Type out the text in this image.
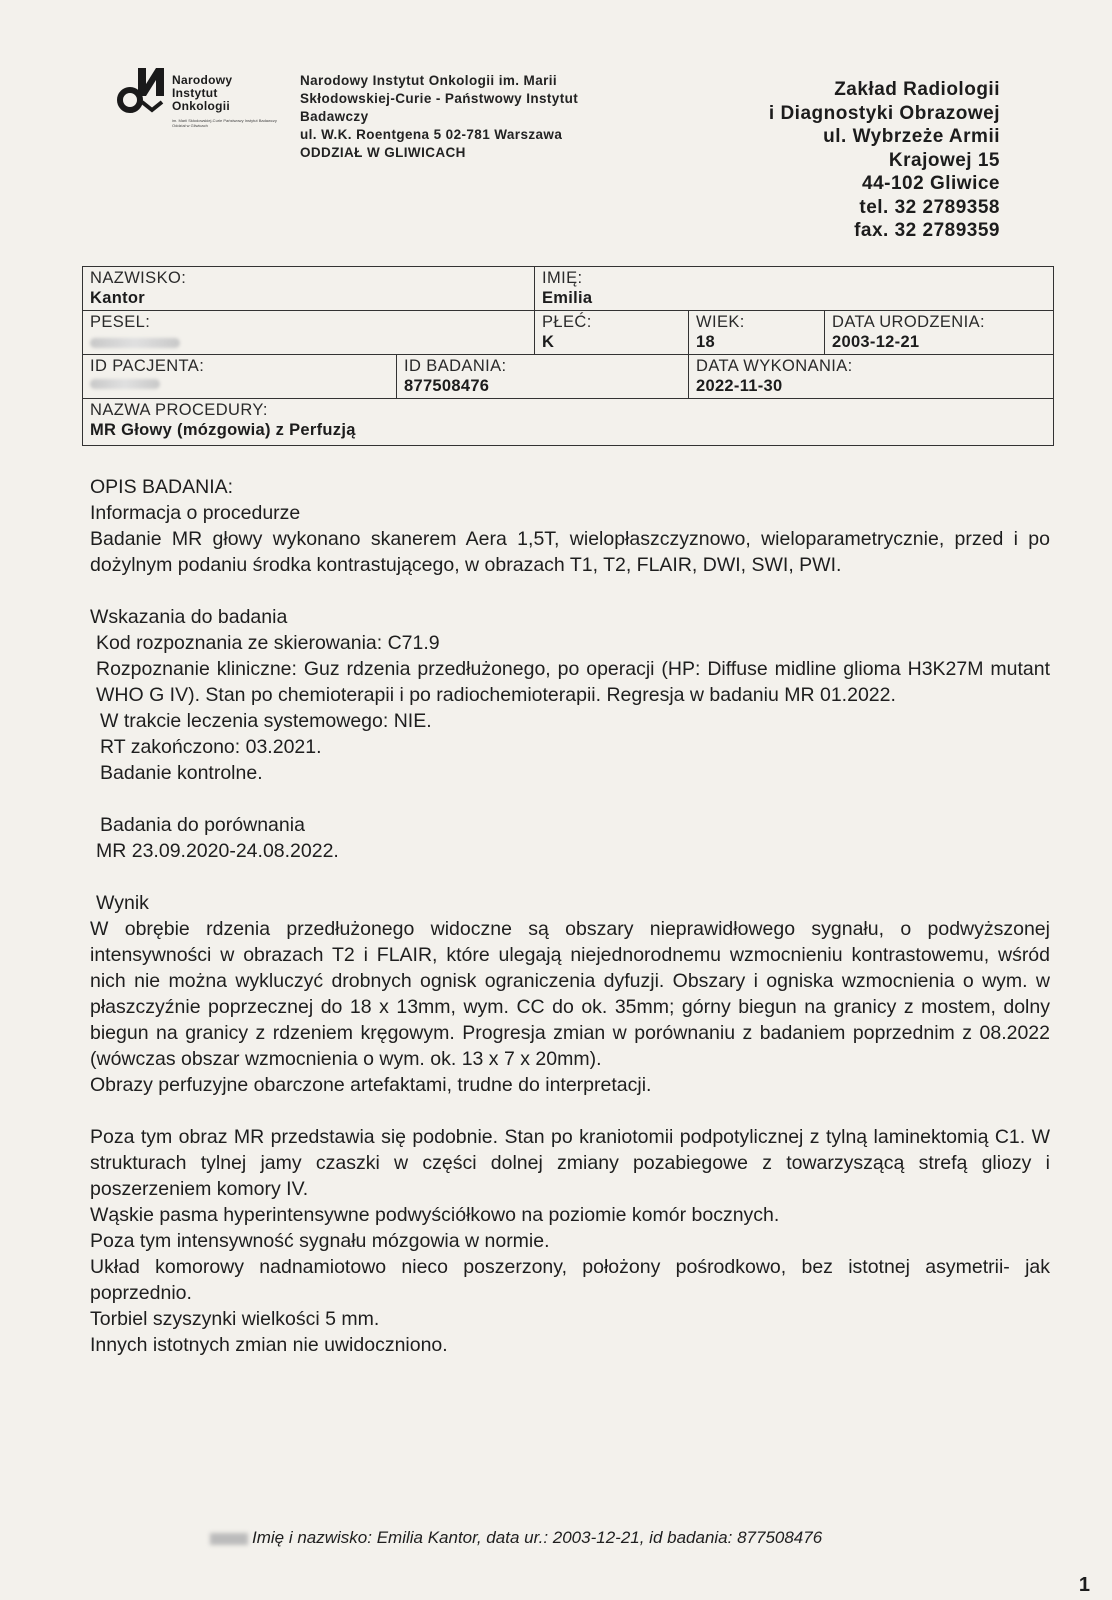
Narodowy
Instytut
Onkologii
im. Marii Skłodowskiej-Curie Państwowy Instytut Badawczy Oddział w Gliwicach
Narodowy Instytut Onkologii im. Marii
Skłodowskiej-Curie - Państwowy Instytut
Badawczy
ul. W.K. Roentgena 5 02-781 Warszawa
ODDZIAŁ W GLIWICACH
Zakład Radiologii
i Diagnostyki Obrazowej
ul. Wybrzeże Armii
Krajowej 15
44-102 Gliwice
tel. 32 2789358
fax. 32 2789359
NAZWISKO:
Kantor
IMIĘ:
Emilia
PESEL:	PŁEĆ:
K
WIEK:
18
DATA URODZENIA:
2003-12-21
ID PACJENTA:	ID BADANIA:
877508476
DATA WYKONANIA:
2022-11-30
NAZWA PROCEDURY:
MR Głowy (mózgowia) z Perfuzją

OPIS BADANIA:

Informacja o procedurze

Badanie MR głowy wykonano skanerem Aera 1,5T, wielopłaszczyznowo, wieloparametrycznie, przed i po dożylnym podaniu środka kontrastującego, w obrazach T1, T2, FLAIR, DWI, SWI, PWI.

Wskazania do badania

Kod rozpoznania ze skierowania: C71.9

Rozpoznanie kliniczne: Guz rdzenia przedłużonego, po operacji (HP: Diffuse midline glioma H3K27M mutant WHO G IV). Stan po chemioterapii i po radiochemioterapii. Regresja w badaniu MR 01.2022.

W trakcie leczenia systemowego: NIE.

RT zakończono: 03.2021.

Badanie kontrolne.

Badania do porównania

MR 23.09.2020-24.08.2022.

Wynik

W obrębie rdzenia przedłużonego widoczne są obszary nieprawidłowego sygnału, o podwyższonej intensywności w obrazach T2 i FLAIR, które ulegają niejednorodnemu wzmocnieniu kontrastowemu, wśród nich nie można wykluczyć drobnych ognisk ograniczenia dyfuzji. Obszary i ogniska wzmocnienia o wym. w płaszczyźnie poprzecznej do 18 x 13mm, wym. CC do ok. 35mm; górny biegun na granicy z mostem, dolny biegun na granicy z rdzeniem kręgowym. Progresja zmian w porównaniu z badaniem poprzednim z 08.2022 (wówczas obszar wzmocnienia o wym. ok. 13 x 7 x 20mm).

Obrazy perfuzyjne obarczone artefaktami, trudne do interpretacji.

Poza tym obraz MR przedstawia się podobnie. Stan po kraniotomii podpotylicznej z tylną laminektomią C1. W strukturach tylnej jamy czaszki w części dolnej zmiany pozabiegowe z towarzyszącą strefą gliozy i poszerzeniem komory IV.

Wąskie pasma hyperintensywne podwyściółkowo na poziomie komór bocznych.

Poza tym intensywność sygnału mózgowia w normie.

Układ komorowy nadnamiotowo nieco poszerzony, położony pośrodkowo, bez istotnej asymetrii- jak poprzednio.

Torbiel szyszynki wielkości 5 mm.

Innych istotnych zmian nie uwidoczniono.

Imię i nazwisko: Emilia Kantor, data ur.: 2003-12-21, id badania: 877508476
1
